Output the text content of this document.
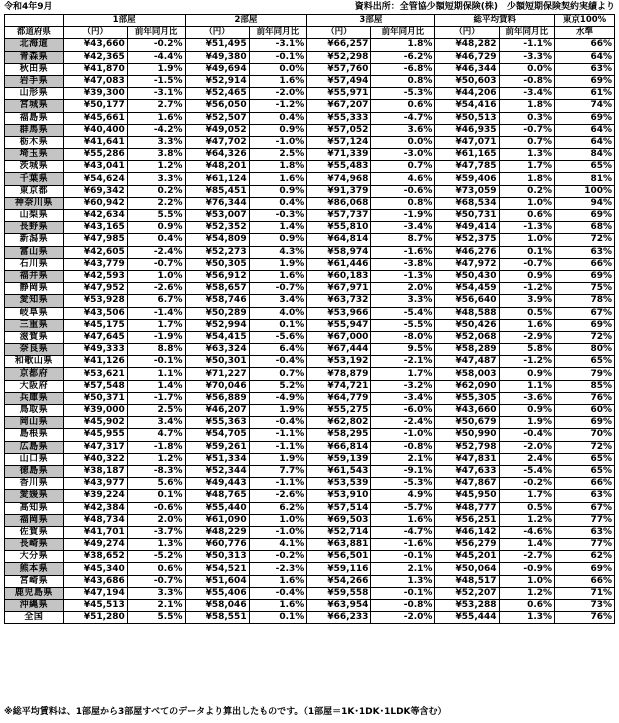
令和4年9月	資料出所：全管協少額短期保険(株)　少額短期保険契約実績より
	1部屋		2部屋		3部屋		総平均賃料		東京100%
都道府県	（円）	前年同月比	（円）	前年同月比	（円）	前年同月比	（円）	前年同月比	水準
北海道	¥43,660	-0.2%	¥51,495	-3.1%	¥66,257	1.8%	¥48,282	-1.1%	66%
青森県	¥42,365	-4.4%	¥49,380	-0.1%	¥52,298	-6.2%	¥46,729	-3.3%	64%
秋田県	¥41,870	1.9%	¥49,694	0.0%	¥57,760	-6.8%	¥46,344	0.0%	63%
岩手県	¥47,083	-1.5%	¥52,914	1.6%	¥57,494	0.8%	¥50,603	-0.8%	69%
山形県	¥39,300	-3.1%	¥52,465	-2.0%	¥55,971	-5.3%	¥44,206	-3.4%	61%
宮城県	¥50,177	2.7%	¥56,050	-1.2%	¥67,207	0.6%	¥54,416	1.8%	74%
福島県	¥45,661	1.6%	¥52,507	0.4%	¥55,333	-4.7%	¥50,513	0.3%	69%
群馬県	¥40,400	-4.2%	¥49,052	0.9%	¥57,052	3.6%	¥46,935	-0.7%	64%
栃木県	¥41,641	3.3%	¥47,702	-1.0%	¥57,124	0.0%	¥47,071	0.7%	64%
埼玉県	¥55,286	3.8%	¥64,326	2.5%	¥71,339	-3.0%	¥61,165	1.3%	84%
茨城県	¥43,041	1.2%	¥48,201	1.8%	¥55,483	0.7%	¥47,785	1.7%	65%
千葉県	¥54,624	3.3%	¥61,124	1.6%	¥74,968	4.6%	¥59,406	1.8%	81%
東京都	¥69,342	0.2%	¥85,451	0.9%	¥91,379	-0.6%	¥73,059	0.2%	100%
神奈川県	¥60,942	2.2%	¥76,344	0.4%	¥86,068	0.8%	¥68,534	1.0%	94%
山梨県	¥42,634	5.5%	¥53,007	-0.3%	¥57,737	-1.9%	¥50,731	0.6%	69%
長野県	¥43,165	0.9%	¥52,352	1.4%	¥55,810	-3.4%	¥49,414	-1.3%	68%
新潟県	¥47,985	0.4%	¥54,809	0.9%	¥64,814	8.7%	¥52,375	1.0%	72%
富山県	¥42,605	-2.4%	¥52,273	4.3%	¥58,974	-1.6%	¥46,276	0.1%	63%
石川県	¥43,779	-0.7%	¥50,305	1.9%	¥61,446	-3.8%	¥47,972	-0.7%	66%
福井県	¥42,593	1.0%	¥56,912	1.6%	¥60,183	-1.3%	¥50,430	0.9%	69%
静岡県	¥47,952	-2.6%	¥58,657	-0.7%	¥67,971	2.0%	¥54,459	-1.2%	75%
愛知県	¥53,928	6.7%	¥58,746	3.4%	¥63,732	3.3%	¥56,640	3.9%	78%
岐阜県	¥43,506	-1.4%	¥50,289	4.0%	¥53,966	-5.4%	¥48,588	0.5%	67%
三重県	¥45,175	1.7%	¥52,994	0.1%	¥55,947	-5.5%	¥50,426	1.6%	69%
滋賀県	¥47,645	-1.9%	¥54,415	-5.6%	¥67,000	-8.0%	¥52,068	-2.9%	72%
奈良県	¥49,333	8.8%	¥63,324	6.4%	¥67,444	9.5%	¥58,289	5.8%	80%
和歌山県	¥41,126	-0.1%	¥50,301	-0.4%	¥53,192	-2.1%	¥47,487	-1.2%	65%
京都府	¥53,621	1.1%	¥71,227	0.7%	¥78,879	1.7%	¥58,003	0.9%	79%
大阪府	¥57,548	1.4%	¥70,046	5.2%	¥74,721	-3.2%	¥62,090	1.1%	85%
兵庫県	¥50,371	-1.7%	¥56,889	-4.9%	¥64,779	-3.4%	¥55,305	-3.6%	76%
鳥取県	¥39,000	2.5%	¥46,207	1.9%	¥55,275	-6.0%	¥43,660	0.9%	60%
岡山県	¥45,902	3.4%	¥55,363	-0.4%	¥62,802	-2.4%	¥50,679	1.9%	69%
島根県	¥45,955	4.7%	¥54,705	-1.1%	¥58,295	-1.0%	¥50,990	-0.4%	70%
広島県	¥47,317	-1.8%	¥59,261	-1.1%	¥66,814	-0.8%	¥52,798	-2.0%	72%
山口県	¥40,322	1.2%	¥51,334	1.9%	¥59,139	2.1%	¥47,831	2.4%	65%
徳島県	¥38,187	-8.3%	¥52,344	7.7%	¥61,543	-9.1%	¥47,633	-5.4%	65%
香川県	¥43,977	5.6%	¥49,443	-1.1%	¥53,539	-5.3%	¥47,867	-0.2%	66%
愛媛県	¥39,224	0.1%	¥48,765	-2.6%	¥53,910	4.9%	¥45,950	1.7%	63%
高知県	¥42,384	-0.6%	¥55,440	6.2%	¥57,514	-5.7%	¥48,777	0.5%	67%
福岡県	¥48,734	2.0%	¥61,090	1.0%	¥69,503	1.6%	¥56,251	1.2%	77%
佐賀県	¥41,701	-3.7%	¥48,229	-1.0%	¥52,714	-4.7%	¥46,142	-4.6%	63%
長崎県	¥49,274	1.3%	¥60,776	4.1%	¥63,881	-1.6%	¥56,279	1.4%	77%
大分県	¥38,652	-5.2%	¥50,313	-0.2%	¥56,501	-0.1%	¥45,201	-2.7%	62%
熊本県	¥45,340	0.6%	¥54,521	-2.3%	¥59,116	2.1%	¥50,064	-0.9%	69%
宮崎県	¥43,686	-0.7%	¥51,604	1.6%	¥54,266	1.3%	¥48,517	1.0%	66%
鹿児島県	¥47,194	3.3%	¥55,406	-0.4%	¥59,558	-0.1%	¥52,207	1.2%	71%
沖縄県	¥45,513	2.1%	¥58,046	1.6%	¥63,954	-0.8%	¥53,288	0.6%	73%
全国	¥51,280	5.5%	¥58,551	0.1%	¥66,233	-2.0%	¥55,444	1.3%	76%
※総平均賃料は、1部屋から3部屋すべてのデータより算出したものです。（1部屋＝1K･1DK･1LDK等含む）
